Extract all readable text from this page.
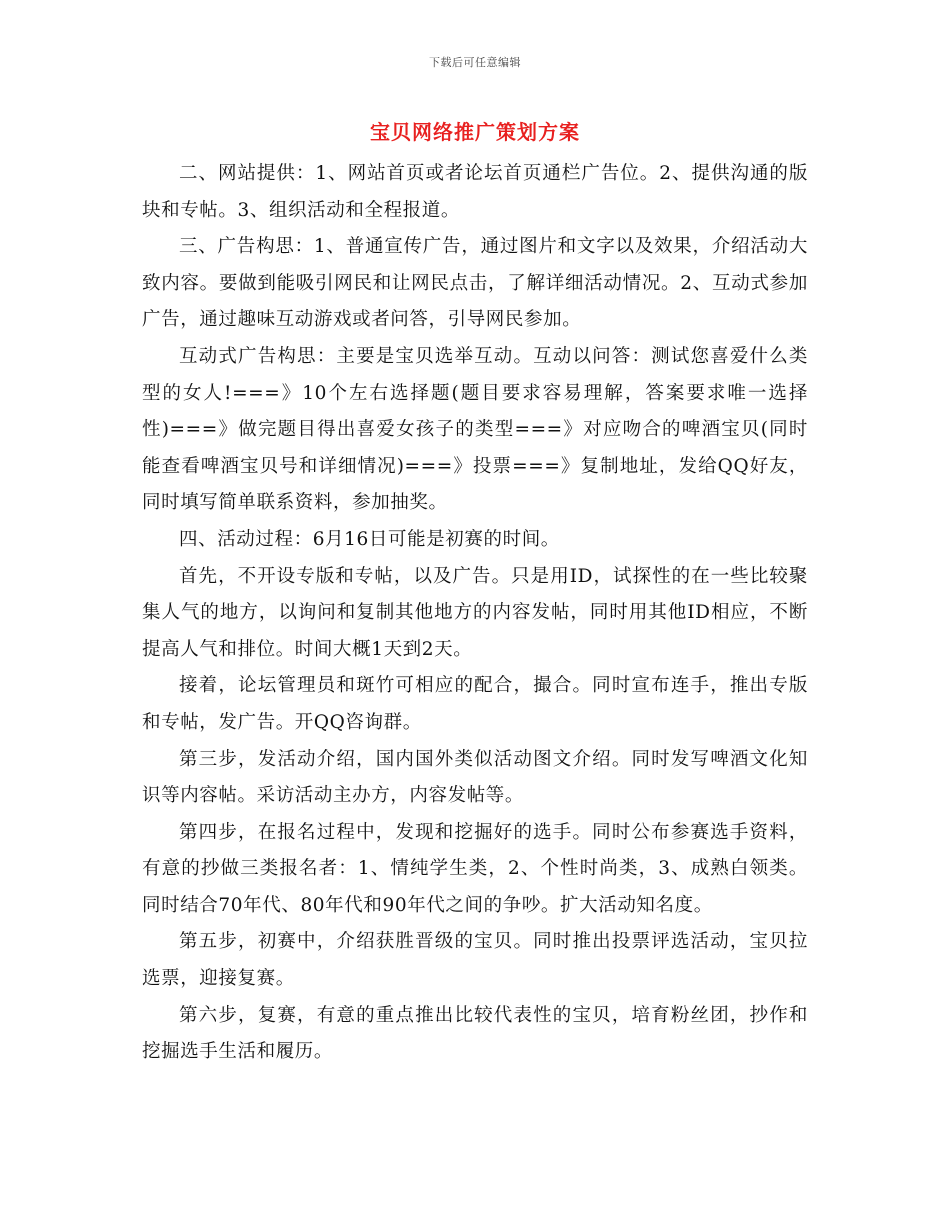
下载后可任意编辑
宝贝网络推广策划方案

二、网站提供：1、网站首页或者论坛首页通栏广告位。2、提供沟通的版块和专帖。3、组织活动和全程报道。

三、广告构思：1、普通宣传广告，通过图片和文字以及效果，介绍活动大致内容。要做到能吸引网民和让网民点击，了解详细活动情况。2、互动式参加广告，通过趣味互动游戏或者问答，引导网民参加。

互动式广告构思：主要是宝贝选举互动。互动以问答：测试您喜爱什么类型的女人!===》10个左右选择题(题目要求容易理解，答案要求唯一选择性)===》做完题目得出喜爱女孩子的类型===》对应吻合的啤酒宝贝(同时能查看啤酒宝贝号和详细情况)===》投票===》复制地址，发给QQ好友，同时填写简单联系资料，参加抽奖。

四、活动过程：6月16日可能是初赛的时间。

首先，不开设专版和专帖，以及广告。只是用ID，试探性的在一些比较聚集人气的地方，以询问和复制其他地方的内容发帖，同时用其他ID相应，不断提高人气和排位。时间大概1天到2天。

接着，论坛管理员和斑竹可相应的配合，撮合。同时宣布连手，推出专版和专帖，发广告。开QQ咨询群。

第三步，发活动介绍，国内国外类似活动图文介绍。同时发写啤酒文化知识等内容帖。采访活动主办方，内容发帖等。

第四步，在报名过程中，发现和挖掘好的选手。同时公布参赛选手资料，有意的抄做三类报名者：1、情纯学生类，2、个性时尚类，3、成熟白领类。同时结合70年代、80年代和90年代之间的争吵。扩大活动知名度。

第五步，初赛中，介绍获胜晋级的宝贝。同时推出投票评选活动，宝贝拉选票，迎接复赛。

第六步，复赛，有意的重点推出比较代表性的宝贝，培育粉丝团，抄作和挖掘选手生活和履历。
